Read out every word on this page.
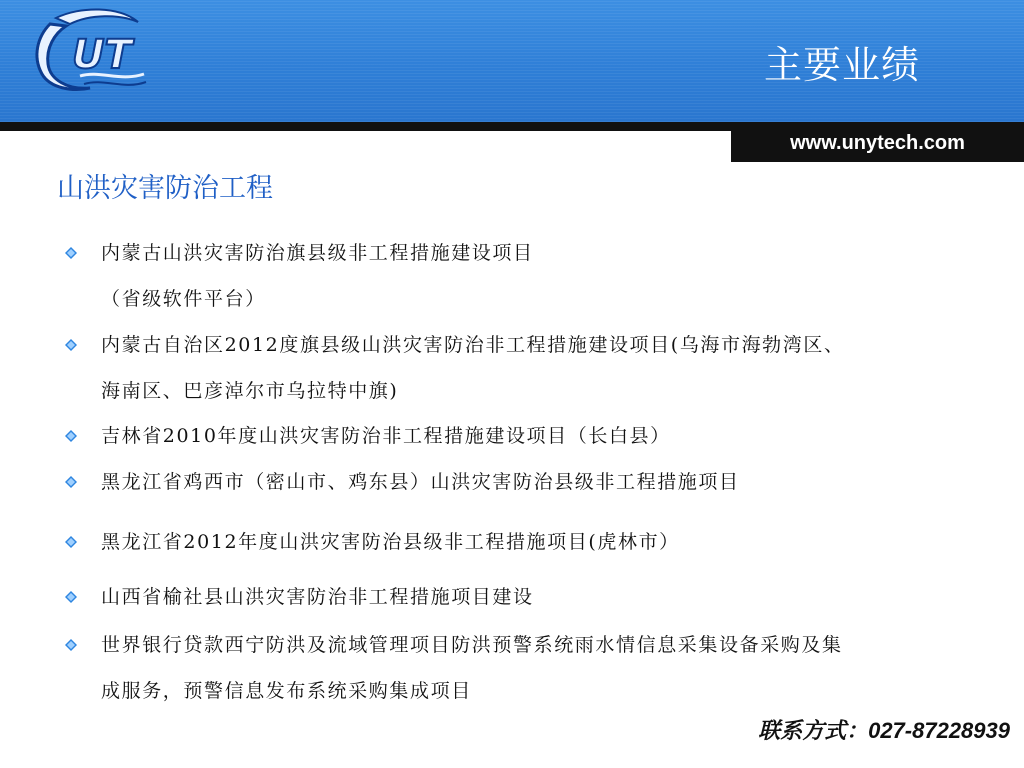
UT	主要业绩
www.unytech.com
山洪灾害防治工程
内蒙古山洪灾害防治旗县级非工程措施建设项目
（省级软件平台）
内蒙古自治区2012度旗县级山洪灾害防治非工程措施建设项目(乌海市海勃湾区、
海南区、巴彦淖尔市乌拉特中旗)
吉林省2010年度山洪灾害防治非工程措施建设项目（长白县）
黑龙江省鸡西市（密山市、鸡东县）山洪灾害防治县级非工程措施项目
黑龙江省2012年度山洪灾害防治县级非工程措施项目(虎林市）
山西省榆社县山洪灾害防治非工程措施项目建设
世界银行贷款西宁防洪及流域管理项目防洪预警系统雨水情信息采集设备采购及集
成服务，预警信息发布系统采购集成项目
联系方式：027-87228939
